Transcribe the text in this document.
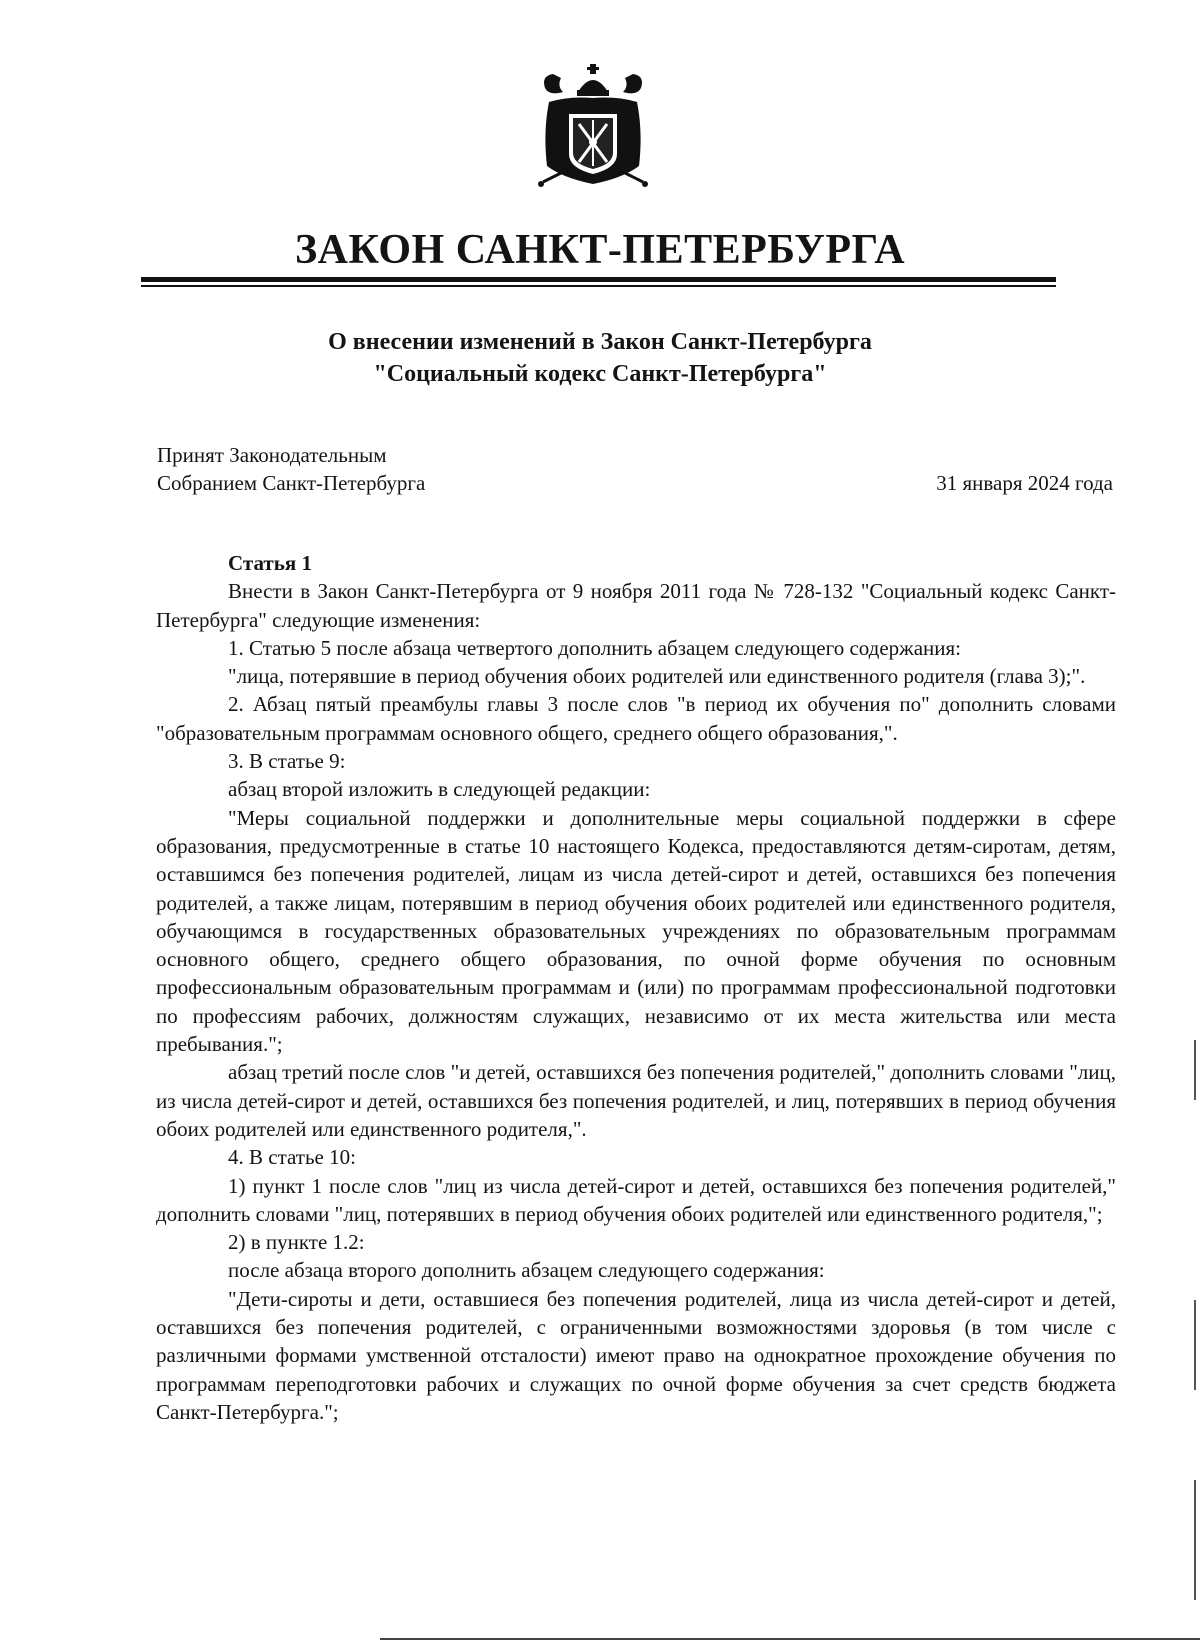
ЗАКОН САНКТ-ПЕТЕРБУРГА
О внесении изменений в Закон Санкт-Петербурга
"Социальный кодекс Санкт-Петербурга"
Принят Законодательным
Собранием Санкт-Петербурга	31 января 2024 года

Статья 1

Внести в Закон Санкт-Петербурга от 9 ноября 2011 года № 728-132 "Социальный кодекс Санкт-Петербурга" следующие изменения:

1. Статью 5 после абзаца четвертого дополнить абзацем следующего содержания:

"лица, потерявшие в период обучения обоих родителей или единственного родителя (глава 3);".

2. Абзац пятый преамбулы главы 3 после слов "в период их обучения по" дополнить словами "образовательным программам основного общего, среднего общего образования,".

3. В статье 9:

абзац второй изложить в следующей редакции:

"Меры социальной поддержки и дополнительные меры социальной поддержки в сфере образования, предусмотренные в статье 10 настоящего Кодекса, предоставляются детям-сиротам, детям, оставшимся без попечения родителей, лицам из числа детей-сирот и детей, оставшихся без попечения родителей, а также лицам, потерявшим в период обучения обоих родителей или единственного родителя, обучающимся в государственных образовательных учреждениях по образовательным программам основного общего, среднего общего образования, по очной форме обучения по основным профессиональным образовательным программам и (или) по программам профессиональной подготовки по профессиям рабочих, должностям служащих, независимо от их места жительства или места пребывания.";

абзац третий после слов "и детей, оставшихся без попечения родителей," дополнить словами "лиц, из числа детей-сирот и детей, оставшихся без попечения родителей, и лиц, потерявших в период обучения обоих родителей или единственного родителя,".

4. В статье 10:

1) пункт 1 после слов "лиц из числа детей-сирот и детей, оставшихся без попечения родителей," дополнить словами "лиц, потерявших в период обучения обоих родителей или единственного родителя,";

2) в пункте 1.2:

после абзаца второго дополнить абзацем следующего содержания:

"Дети-сироты и дети, оставшиеся без попечения родителей, лица из числа детей-сирот и детей, оставшихся без попечения родителей, с ограниченными возможностями здоровья (в том числе с различными формами умственной отсталости) имеют право на однократное прохождение обучения по программам переподготовки рабочих и служащих по очной форме обучения за счет средств бюджета Санкт-Петербурга.";
